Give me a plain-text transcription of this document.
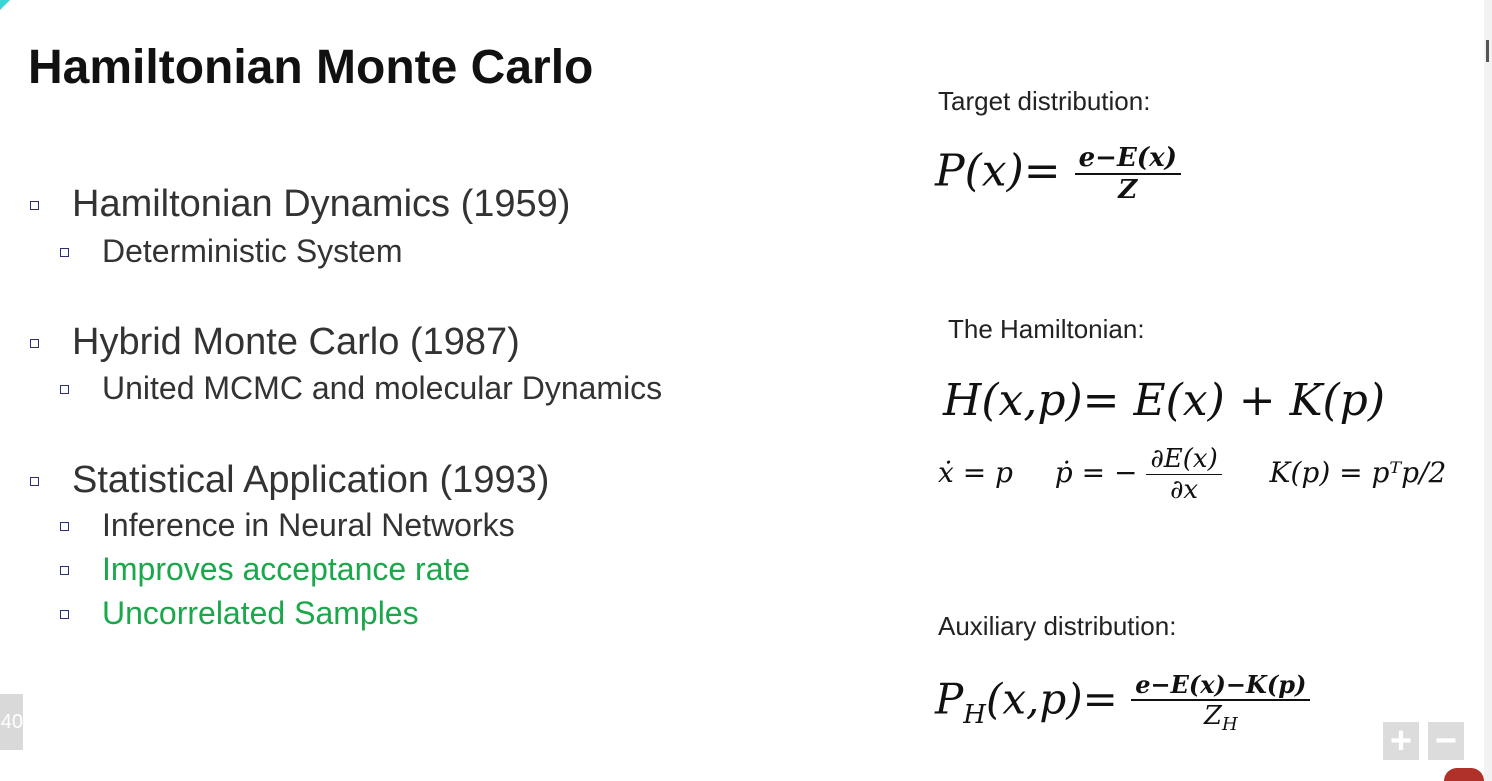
Hamiltonian Monte Carlo
Hamiltonian Dynamics (1959)
Deterministic System
Hybrid Monte Carlo (1987)
United MCMC and molecular Dynamics
Statistical Application (1993)
Inference in Neural Networks
Improves acceptance rate
Uncorrelated Samples
Target distribution:
$P(x)= \frac{e-E(x)}{Z}$
The Hamiltonian:
H(x,p)= E(x) + K(p)
ẋ = p ṗ = − $\frac{\partial E(x)}{\partial x} K(p)$ = pᵀp/2
Auxiliary distribution:
$P_H(x,p)= \frac{e-E(x)-K(p)}{Z_H}$
40	+ −
